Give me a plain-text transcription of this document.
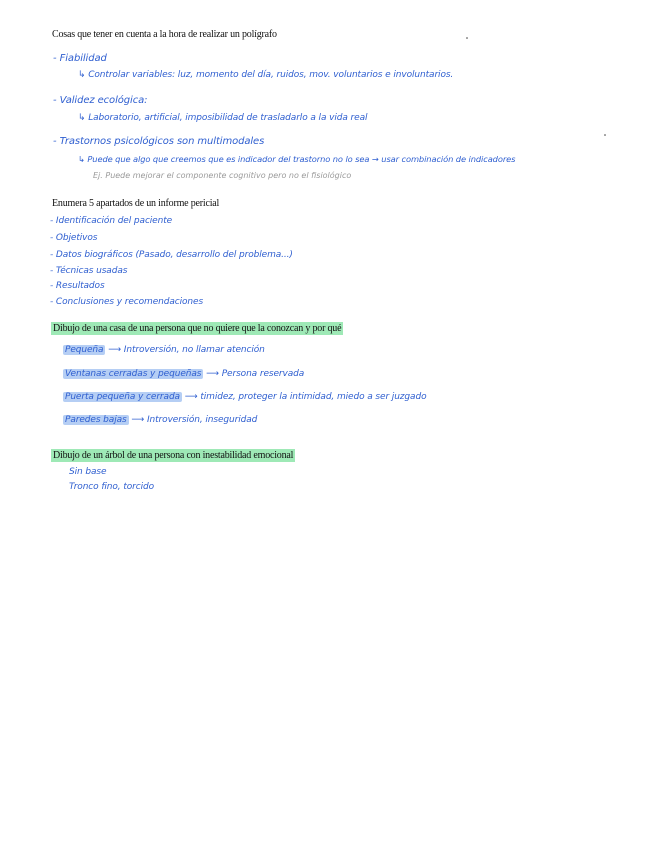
Cosas que tener en cuenta a la hora de realizar un polígrafo
- Fiabilidad
↳ Controlar variables: luz, momento del día, ruidos, mov. voluntarios e involuntarios.
- Validez ecológica:
↳ Laboratorio, artificial, imposibilidad de trasladarlo a la vida real
- Trastornos psicológicos son multimodales
↳ Puede que algo que creemos que es indicador del trastorno no lo sea → usar combinación de indicadores
Ej. Puede mejorar el componente cognitivo pero no el fisiológico
Enumera 5 apartados de un informe pericial
- Identificación del paciente
- Objetivos
- Datos biográficos (Pasado, desarrollo del problema...)
- Técnicas usadas
- Resultados
- Conclusiones y recomendaciones
Dibujo de una casa de una persona que no quiere que la conozcan y por qué
Pequeña ⟶ Introversión, no llamar atención
Ventanas cerradas y pequeñas ⟶ Persona reservada
Puerta pequeña y cerrada ⟶ timidez, proteger la intimidad, miedo a ser juzgado
Paredes bajas ⟶ Introversión, inseguridad
Dibujo de un árbol de una persona con inestabilidad emocional
Sin base
Tronco fino, torcido
